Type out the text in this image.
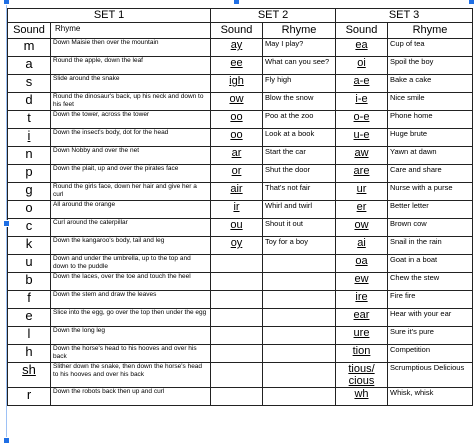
SET 1		SET 2		SET 3	
Sound	Rhyme	Sound	Rhyme	Sound	Rhyme
m	Down Maisie then over the mountain	ay	May I play?	ea	Cup of tea
a	Round the apple, down the leaf	ee	What can you see?	oi	Spoil the boy
s	Slide around the snake	igh	Fly high	a-e	Bake a cake
d	Round the dinosaur's back, up his neck and down to his feet	ow	Blow the snow	i-e	Nice smile
t	Down the tower, across the tower	oo	Poo at the zoo	o-e	Phone home
i	Down the insect's body, dot for the head	oo	Look at a book	u-e	Huge brute
n	Down Nobby and over the net	ar	Start the car	aw	Yawn at dawn
p	Down the plait, up and over the pirates face	or	Shut the door	are	Care and share
g	Round the girls face, down her hair and give her a curl	air	That's not fair	ur	Nurse with a purse
o	All around the orange	ir	Whirl and twirl	er	Better letter
c	Curl around the caterpillar	ou	Shout it out	ow	Brown cow
k	Down the kangaroo's body, tail and leg	oy	Toy for a boy	ai	Snail in the rain
u	Down and under the umbrella, up to the top and down to the puddle			oa	Goat in a boat
b	Down the laces, over the toe and touch the heel			ew	Chew the stew
f	Down the stem and draw the leaves			ire	Fire fire
e	Slice into the egg, go over the top then under the egg			ear	Hear with your ear
l	Down the long leg			ure	Sure it's pure
h	Down the horse's head to his hooves and over his back			tion	Competition
sh	Slither down the snake, then down the horse's head to his hooves and over his back			tious/ cious	Scrumptious Delicious
r	Down the robots back then up and curl			wh	Whisk, whisk
